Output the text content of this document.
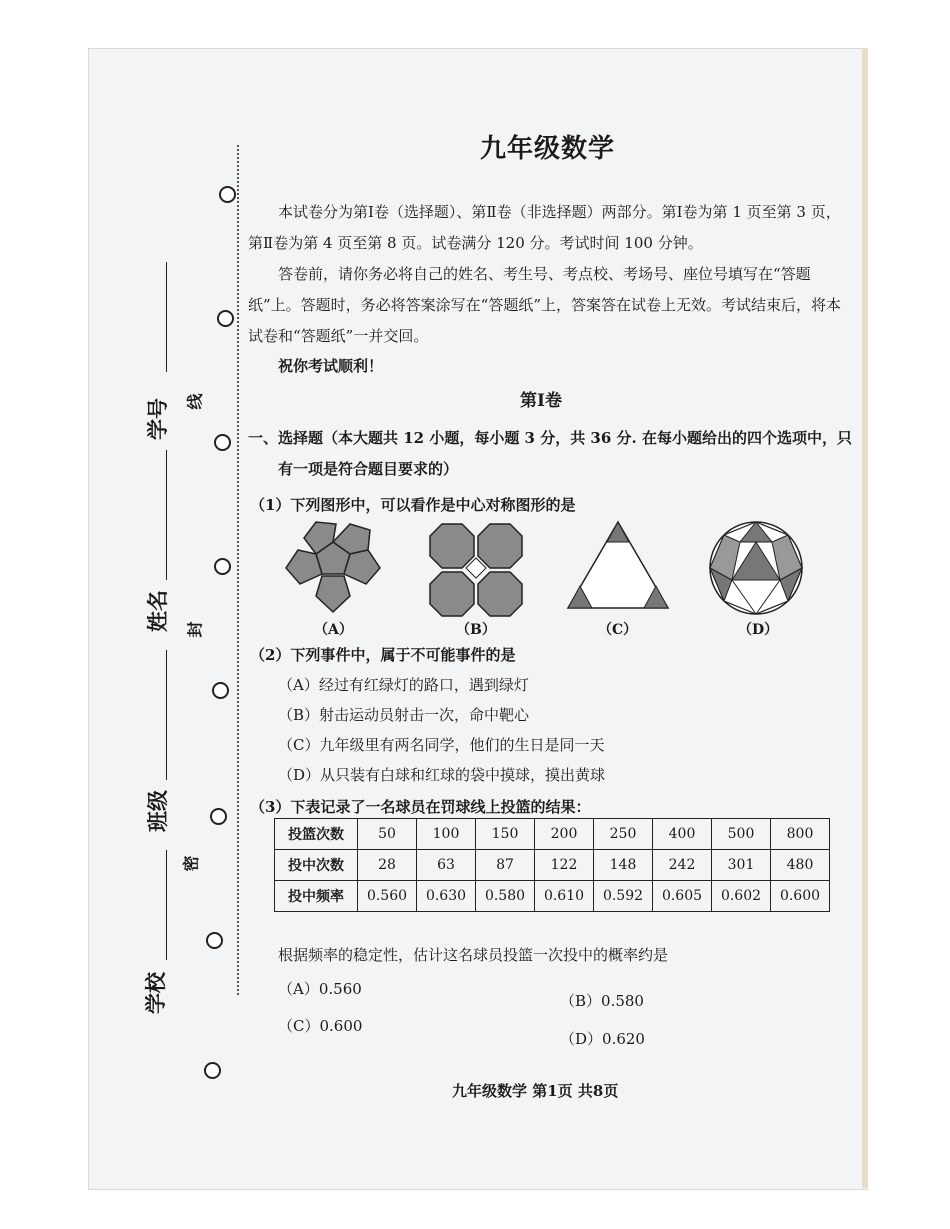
学号
姓名
班级
学校
线
封
密
九年级数学
本试卷分为第Ⅰ卷（选择题）、第Ⅱ卷（非选择题）两部分。第Ⅰ卷为第 1 页至第 3 页，第Ⅱ卷为第 4 页至第 8 页。试卷满分 120 分。考试时间 100 分钟。
答卷前，请你务必将自己的姓名、考生号、考点校、考场号、座位号填写在“答题纸”上。答题时，务必将答案涂写在“答题纸”上，答案答在试卷上无效。考试结束后，将本试卷和“答题纸”一并交回。
祝你考试顺利！
第Ⅰ卷
一、选择题（本大题共 12 小题，每小题 3 分，共 36 分. 在每小题给出的四个选项中，只
有一项是符合题目要求的）
（1）下列图形中，可以看作是中心对称图形的是
（A）	（B）	（C）	（D）
（2）下列事件中，属于不可能事件的是
（A）经过有红绿灯的路口，遇到绿灯
（B）射击运动员射击一次，命中靶心
（C）九年级里有两名同学，他们的生日是同一天
（D）从只装有白球和红球的袋中摸球，摸出黄球
（3）下表记录了一名球员在罚球线上投篮的结果：
投篮次数	50	100	150	200	250	400	500	800
投中次数	28	63	87	122	148	242	301	480
投中频率	0.560	0.630	0.580	0.610	0.592	0.605	0.602	0.600
根据频率的稳定性，估计这名球员投篮一次投中的概率约是
（A）0.560
（B）0.580
（C）0.600
（D）0.620
九年级数学 第1页 共8页
